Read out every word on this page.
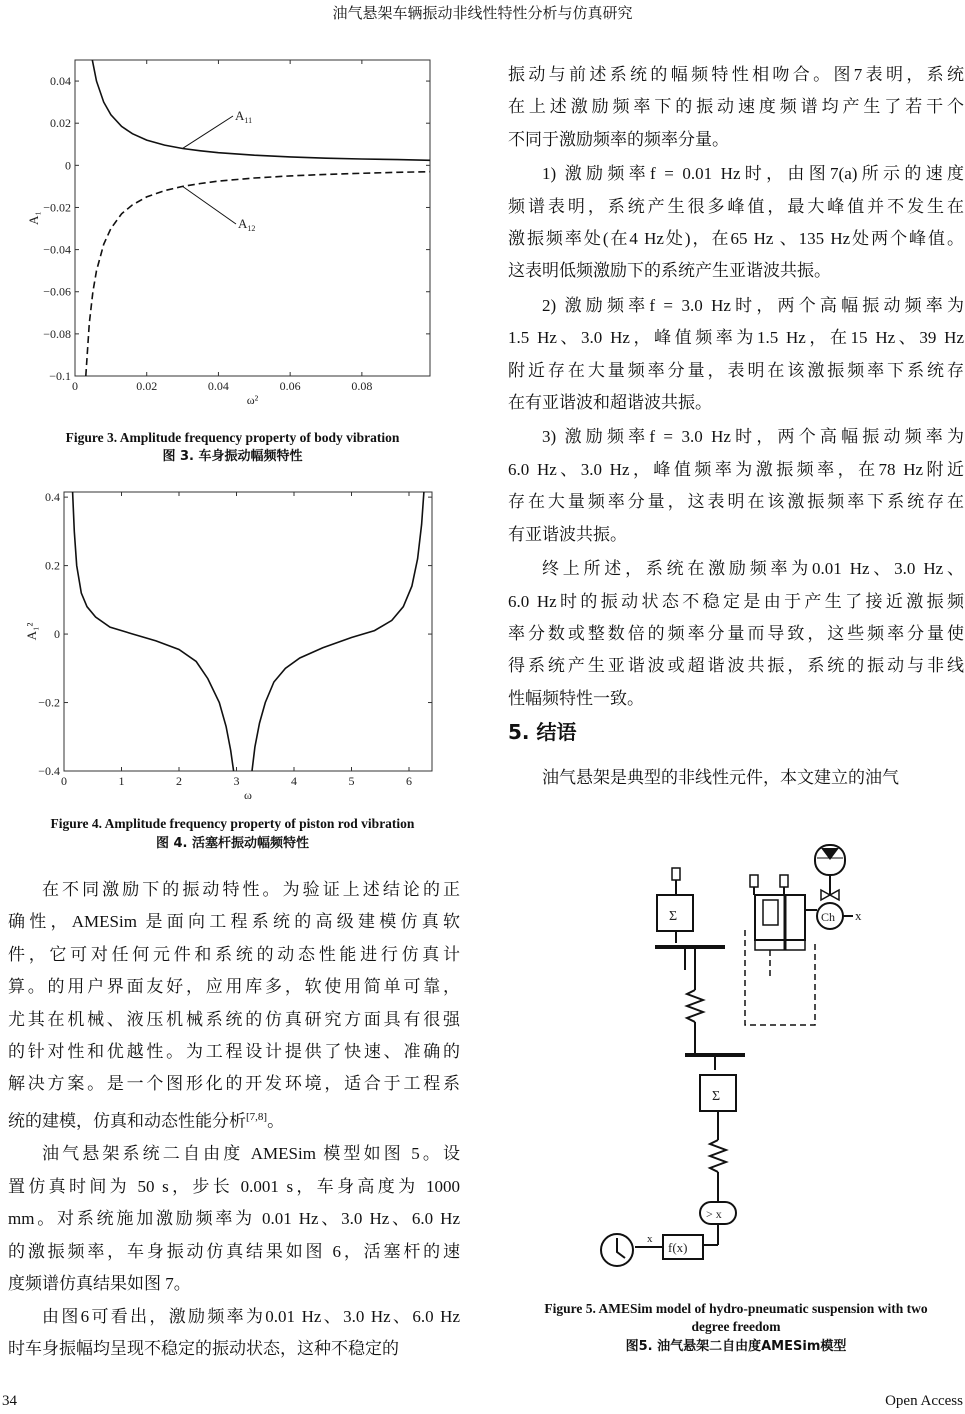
油气悬架车辆振动非线性特性分析与仿真研究
0	0.02	0.04	0.06	0.08
0.04
0.02
0
−0.02
−0.04
−0.06
−0.08
−0.1
ω²
A₁
$A_{11}$
$A_{12}$
Figure 3. Amplitude frequency property of body vibration
图 3. 车身振动幅频特性
0	1	2	3	4	5	6
0.4
0.2
0
−0.2
−0.4
ω
A₁²
Figure 4. Amplitude frequency property of piston rod vibration
图 4. 活塞杆振动幅频特性

在不同激励下的振动特性。为验证上述结论的正
确性，AMESim 是面向工程系统的高级建模仿真软
件，它可对任何元件和系统的动态性能进行仿真计
算。的用户界面友好，应用库多，软使用简单可靠，
尤其在机械、液压机械系统的仿真研究方面具有很强
的针对性和优越性。为工程设计提供了快速、准确的
解决方案。是一个图形化的开发环境，适合于工程系
统的建模，仿真和动态性能分析[7,8]。

油气悬架系统二自由度 AMESim 模型如图 5。设
置仿真时间为 50 s，步长 0.001 s，车身高度为 1000
mm。对系统施加激励频率为 0.01 Hz、3.0 Hz、6.0 Hz
的激振频率，车身振动仿真结果如图 6，活塞杆的速
度频谱仿真结果如图 7。

由图6可看出，激励频率为0.01 Hz、3.0 Hz、6.0 Hz
时车身振幅均呈现不稳定的振动状态，这种不稳定的

振动与前述系统的幅频特性相吻合。图7表明，系统
在上述激励频率下的振动速度频谱均产生了若干个
不同于激励频率的频率分量。

1) 激励频率f = 0.01 Hz时，由图7(a)所示的速度
频谱表明，系统产生很多峰值，最大峰值并不发生在
激振频率处(在4 Hz处)，在65 Hz 、135 Hz处两个峰值。
这表明低频激励下的系统产生亚谐波共振。

2) 激励频率f = 3.0 Hz时，两个高幅振动频率为
1.5 Hz、3.0 Hz，峰值频率为1.5 Hz，在15 Hz、39 Hz
附近存在大量频率分量，表明在该激振频率下系统存
在有亚谐波和超谐波共振。

3) 激励频率f = 3.0 Hz时，两个高幅振动频率为
6.0 Hz、3.0 Hz，峰值频率为激振频率，在78 Hz附近
存在大量频率分量，这表明在该激振频率下系统存在
有亚谐波共振。

终上所述，系统在激励频率为0.01 Hz、3.0 Hz、
6.0 Hz时的振动状态不稳定是由于产生了接近激振频
率分数或整数倍的频率分量而导致，这些频率分量使
得系统产生亚谐波或超谐波共振，系统的振动与非线
性幅频特性一致。

5. 结语
油气悬架是典型的非线性元件，本文建立的油气
Ch x
Σ
Σ
> x
f(x)
x
Figure 5. AMESim model of hydro-pneumatic suspension with two
degree freedom
图5. 油气悬架二自由度AMESim模型
34	Open Access
